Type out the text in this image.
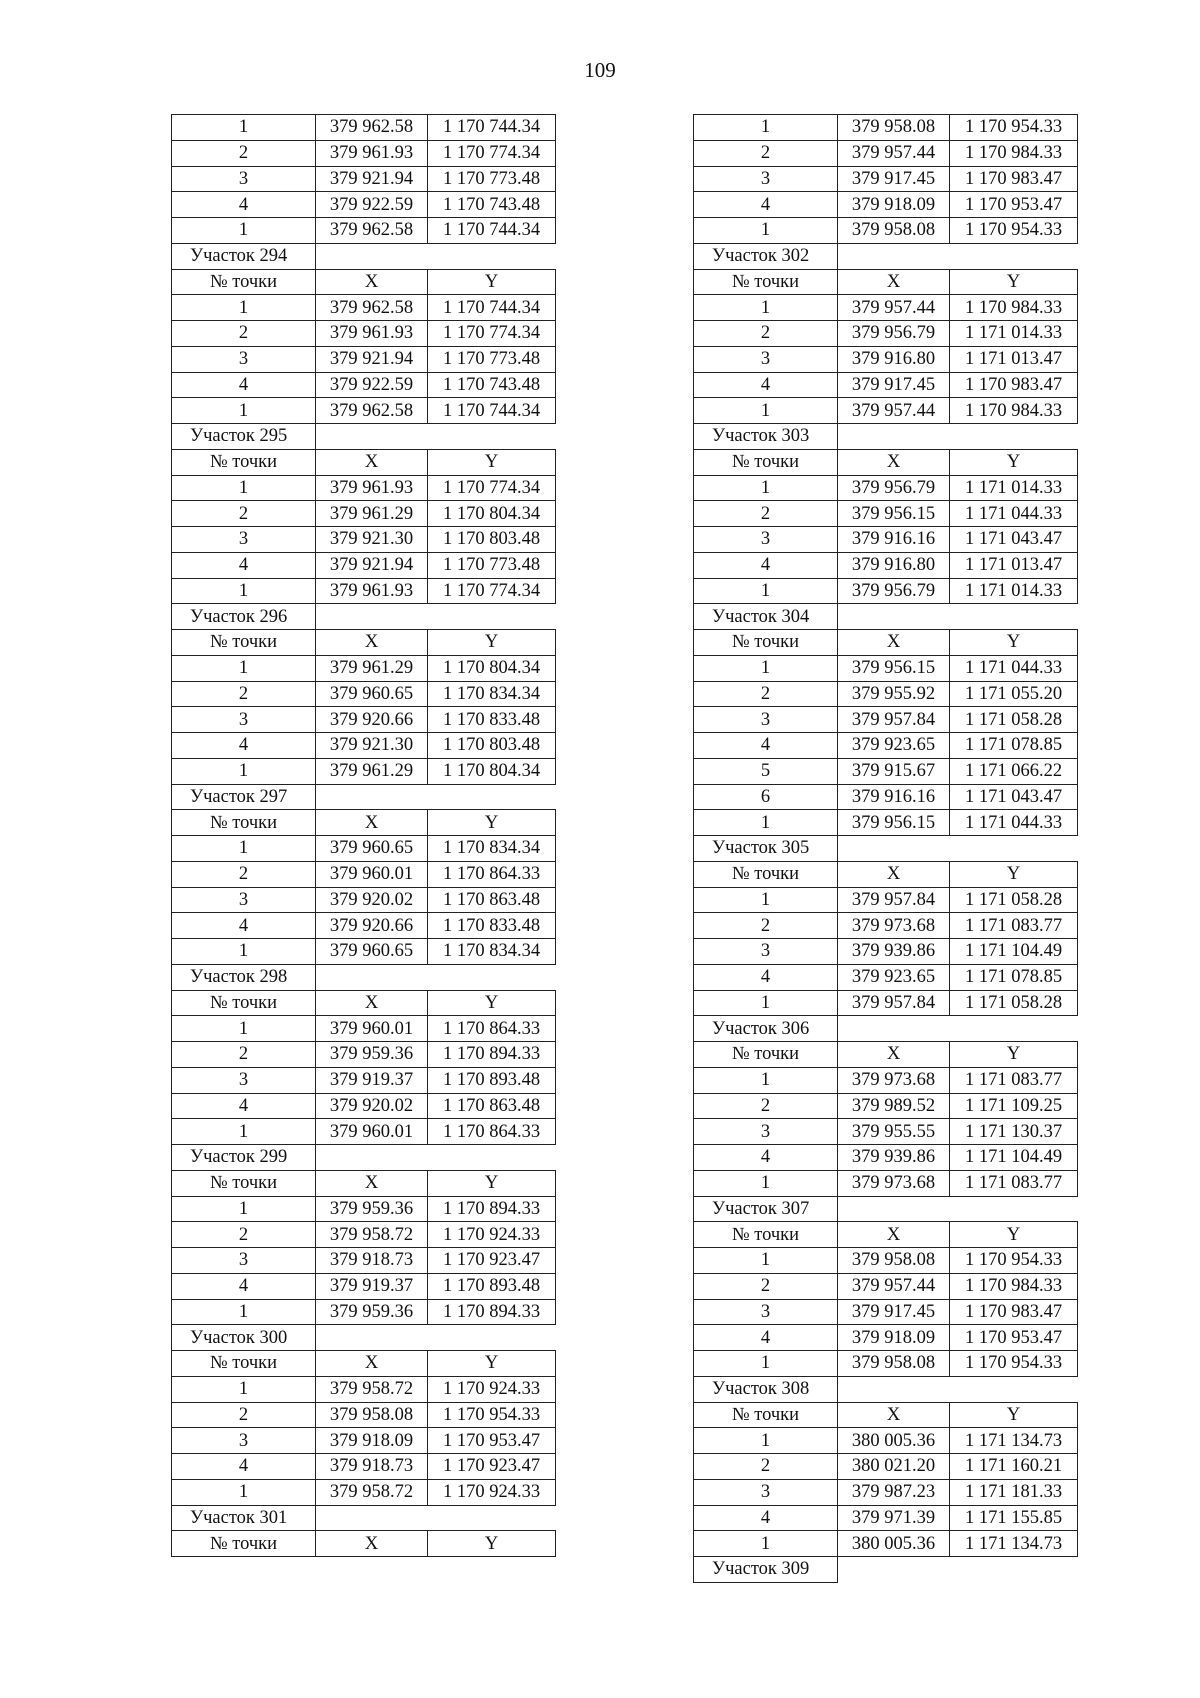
109
1	379 962.58	1 170 744.34
2	379 961.93	1 170 774.34
3	379 921.94	1 170 773.48
4	379 922.59	1 170 743.48
1	379 962.58	1 170 744.34
Участок 294		
№ точки	X	Y
1	379 962.58	1 170 744.34
2	379 961.93	1 170 774.34
3	379 921.94	1 170 773.48
4	379 922.59	1 170 743.48
1	379 962.58	1 170 744.34
Участок 295		
№ точки	X	Y
1	379 961.93	1 170 774.34
2	379 961.29	1 170 804.34
3	379 921.30	1 170 803.48
4	379 921.94	1 170 773.48
1	379 961.93	1 170 774.34
Участок 296		
№ точки	X	Y
1	379 961.29	1 170 804.34
2	379 960.65	1 170 834.34
3	379 920.66	1 170 833.48
4	379 921.30	1 170 803.48
1	379 961.29	1 170 804.34
Участок 297		
№ точки	X	Y
1	379 960.65	1 170 834.34
2	379 960.01	1 170 864.33
3	379 920.02	1 170 863.48
4	379 920.66	1 170 833.48
1	379 960.65	1 170 834.34
Участок 298		
№ точки	X	Y
1	379 960.01	1 170 864.33
2	379 959.36	1 170 894.33
3	379 919.37	1 170 893.48
4	379 920.02	1 170 863.48
1	379 960.01	1 170 864.33
Участок 299		
№ точки	X	Y
1	379 959.36	1 170 894.33
2	379 958.72	1 170 924.33
3	379 918.73	1 170 923.47
4	379 919.37	1 170 893.48
1	379 959.36	1 170 894.33
Участок 300		
№ точки	X	Y
1	379 958.72	1 170 924.33
2	379 958.08	1 170 954.33
3	379 918.09	1 170 953.47
4	379 918.73	1 170 923.47
1	379 958.72	1 170 924.33
Участок 301		
№ точки	X	Y
1	379 958.08	1 170 954.33
2	379 957.44	1 170 984.33
3	379 917.45	1 170 983.47
4	379 918.09	1 170 953.47
1	379 958.08	1 170 954.33
Участок 302		
№ точки	X	Y
1	379 957.44	1 170 984.33
2	379 956.79	1 171 014.33
3	379 916.80	1 171 013.47
4	379 917.45	1 170 983.47
1	379 957.44	1 170 984.33
Участок 303		
№ точки	X	Y
1	379 956.79	1 171 014.33
2	379 956.15	1 171 044.33
3	379 916.16	1 171 043.47
4	379 916.80	1 171 013.47
1	379 956.79	1 171 014.33
Участок 304		
№ точки	X	Y
1	379 956.15	1 171 044.33
2	379 955.92	1 171 055.20
3	379 957.84	1 171 058.28
4	379 923.65	1 171 078.85
5	379 915.67	1 171 066.22
6	379 916.16	1 171 043.47
1	379 956.15	1 171 044.33
Участок 305		
№ точки	X	Y
1	379 957.84	1 171 058.28
2	379 973.68	1 171 083.77
3	379 939.86	1 171 104.49
4	379 923.65	1 171 078.85
1	379 957.84	1 171 058.28
Участок 306		
№ точки	X	Y
1	379 973.68	1 171 083.77
2	379 989.52	1 171 109.25
3	379 955.55	1 171 130.37
4	379 939.86	1 171 104.49
1	379 973.68	1 171 083.77
Участок 307		
№ точки	X	Y
1	379 958.08	1 170 954.33
2	379 957.44	1 170 984.33
3	379 917.45	1 170 983.47
4	379 918.09	1 170 953.47
1	379 958.08	1 170 954.33
Участок 308		
№ точки	X	Y
1	380 005.36	1 171 134.73
2	380 021.20	1 171 160.21
3	379 987.23	1 171 181.33
4	379 971.39	1 171 155.85
1	380 005.36	1 171 134.73
Участок 309		
